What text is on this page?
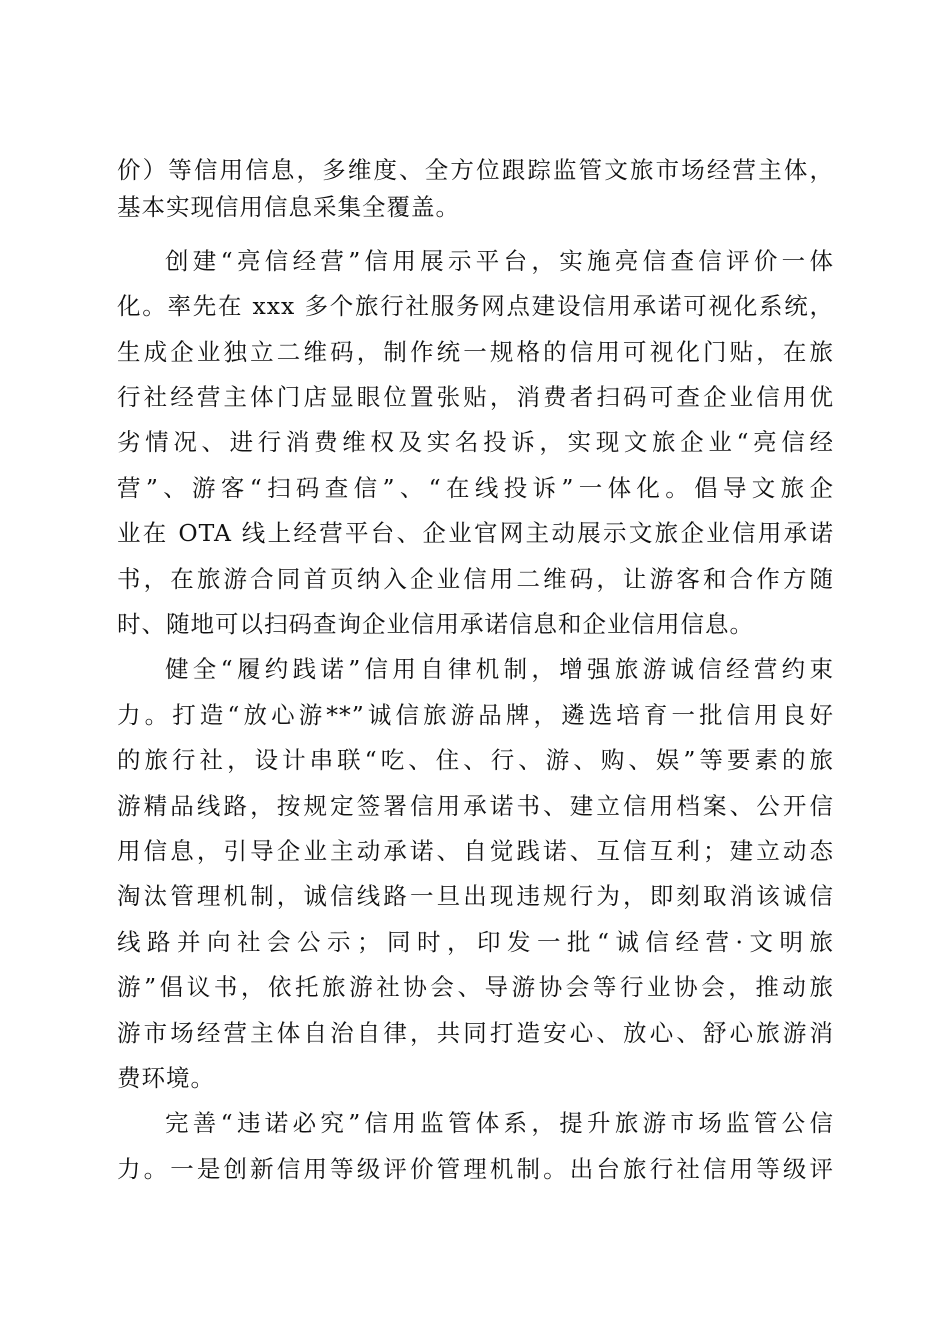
价）等信用信息，多维度、全方位跟踪监管文旅市场经营主体，
基本实现信用信息采集全覆盖。
创建“亮信经营”信用展示平台，实施亮信查信评价一体
化。率先在 xxx 多个旅行社服务网点建设信用承诺可视化系统，
生成企业独立二维码，制作统一规格的信用可视化门贴，在旅
行社经营主体门店显眼位置张贴，消费者扫码可查企业信用优
劣情况、进行消费维权及实名投诉，实现文旅企业“亮信经
营”、游客“扫码查信”、“在线投诉”一体化。倡导文旅企
业在 OTA 线上经营平台、企业官网主动展示文旅企业信用承诺
书，在旅游合同首页纳入企业信用二维码，让游客和合作方随
时、随地可以扫码查询企业信用承诺信息和企业信用信息。
健全“履约践诺”信用自律机制，增强旅游诚信经营约束
力。打造“放心游**”诚信旅游品牌，遴选培育一批信用良好
的旅行社，设计串联“吃、住、行、游、购、娱”等要素的旅
游精品线路，按规定签署信用承诺书、建立信用档案、公开信
用信息，引导企业主动承诺、自觉践诺、互信互利；建立动态
淘汰管理机制，诚信线路一旦出现违规行为，即刻取消该诚信
线路并向社会公示；同时，印发一批“诚信经营·文明旅
游”倡议书，依托旅游社协会、导游协会等行业协会，推动旅
游市场经营主体自治自律，共同打造安心、放心、舒心旅游消
费环境。
完善“违诺必究”信用监管体系，提升旅游市场监管公信
力。一是创新信用等级评价管理机制。出台旅行社信用等级评
